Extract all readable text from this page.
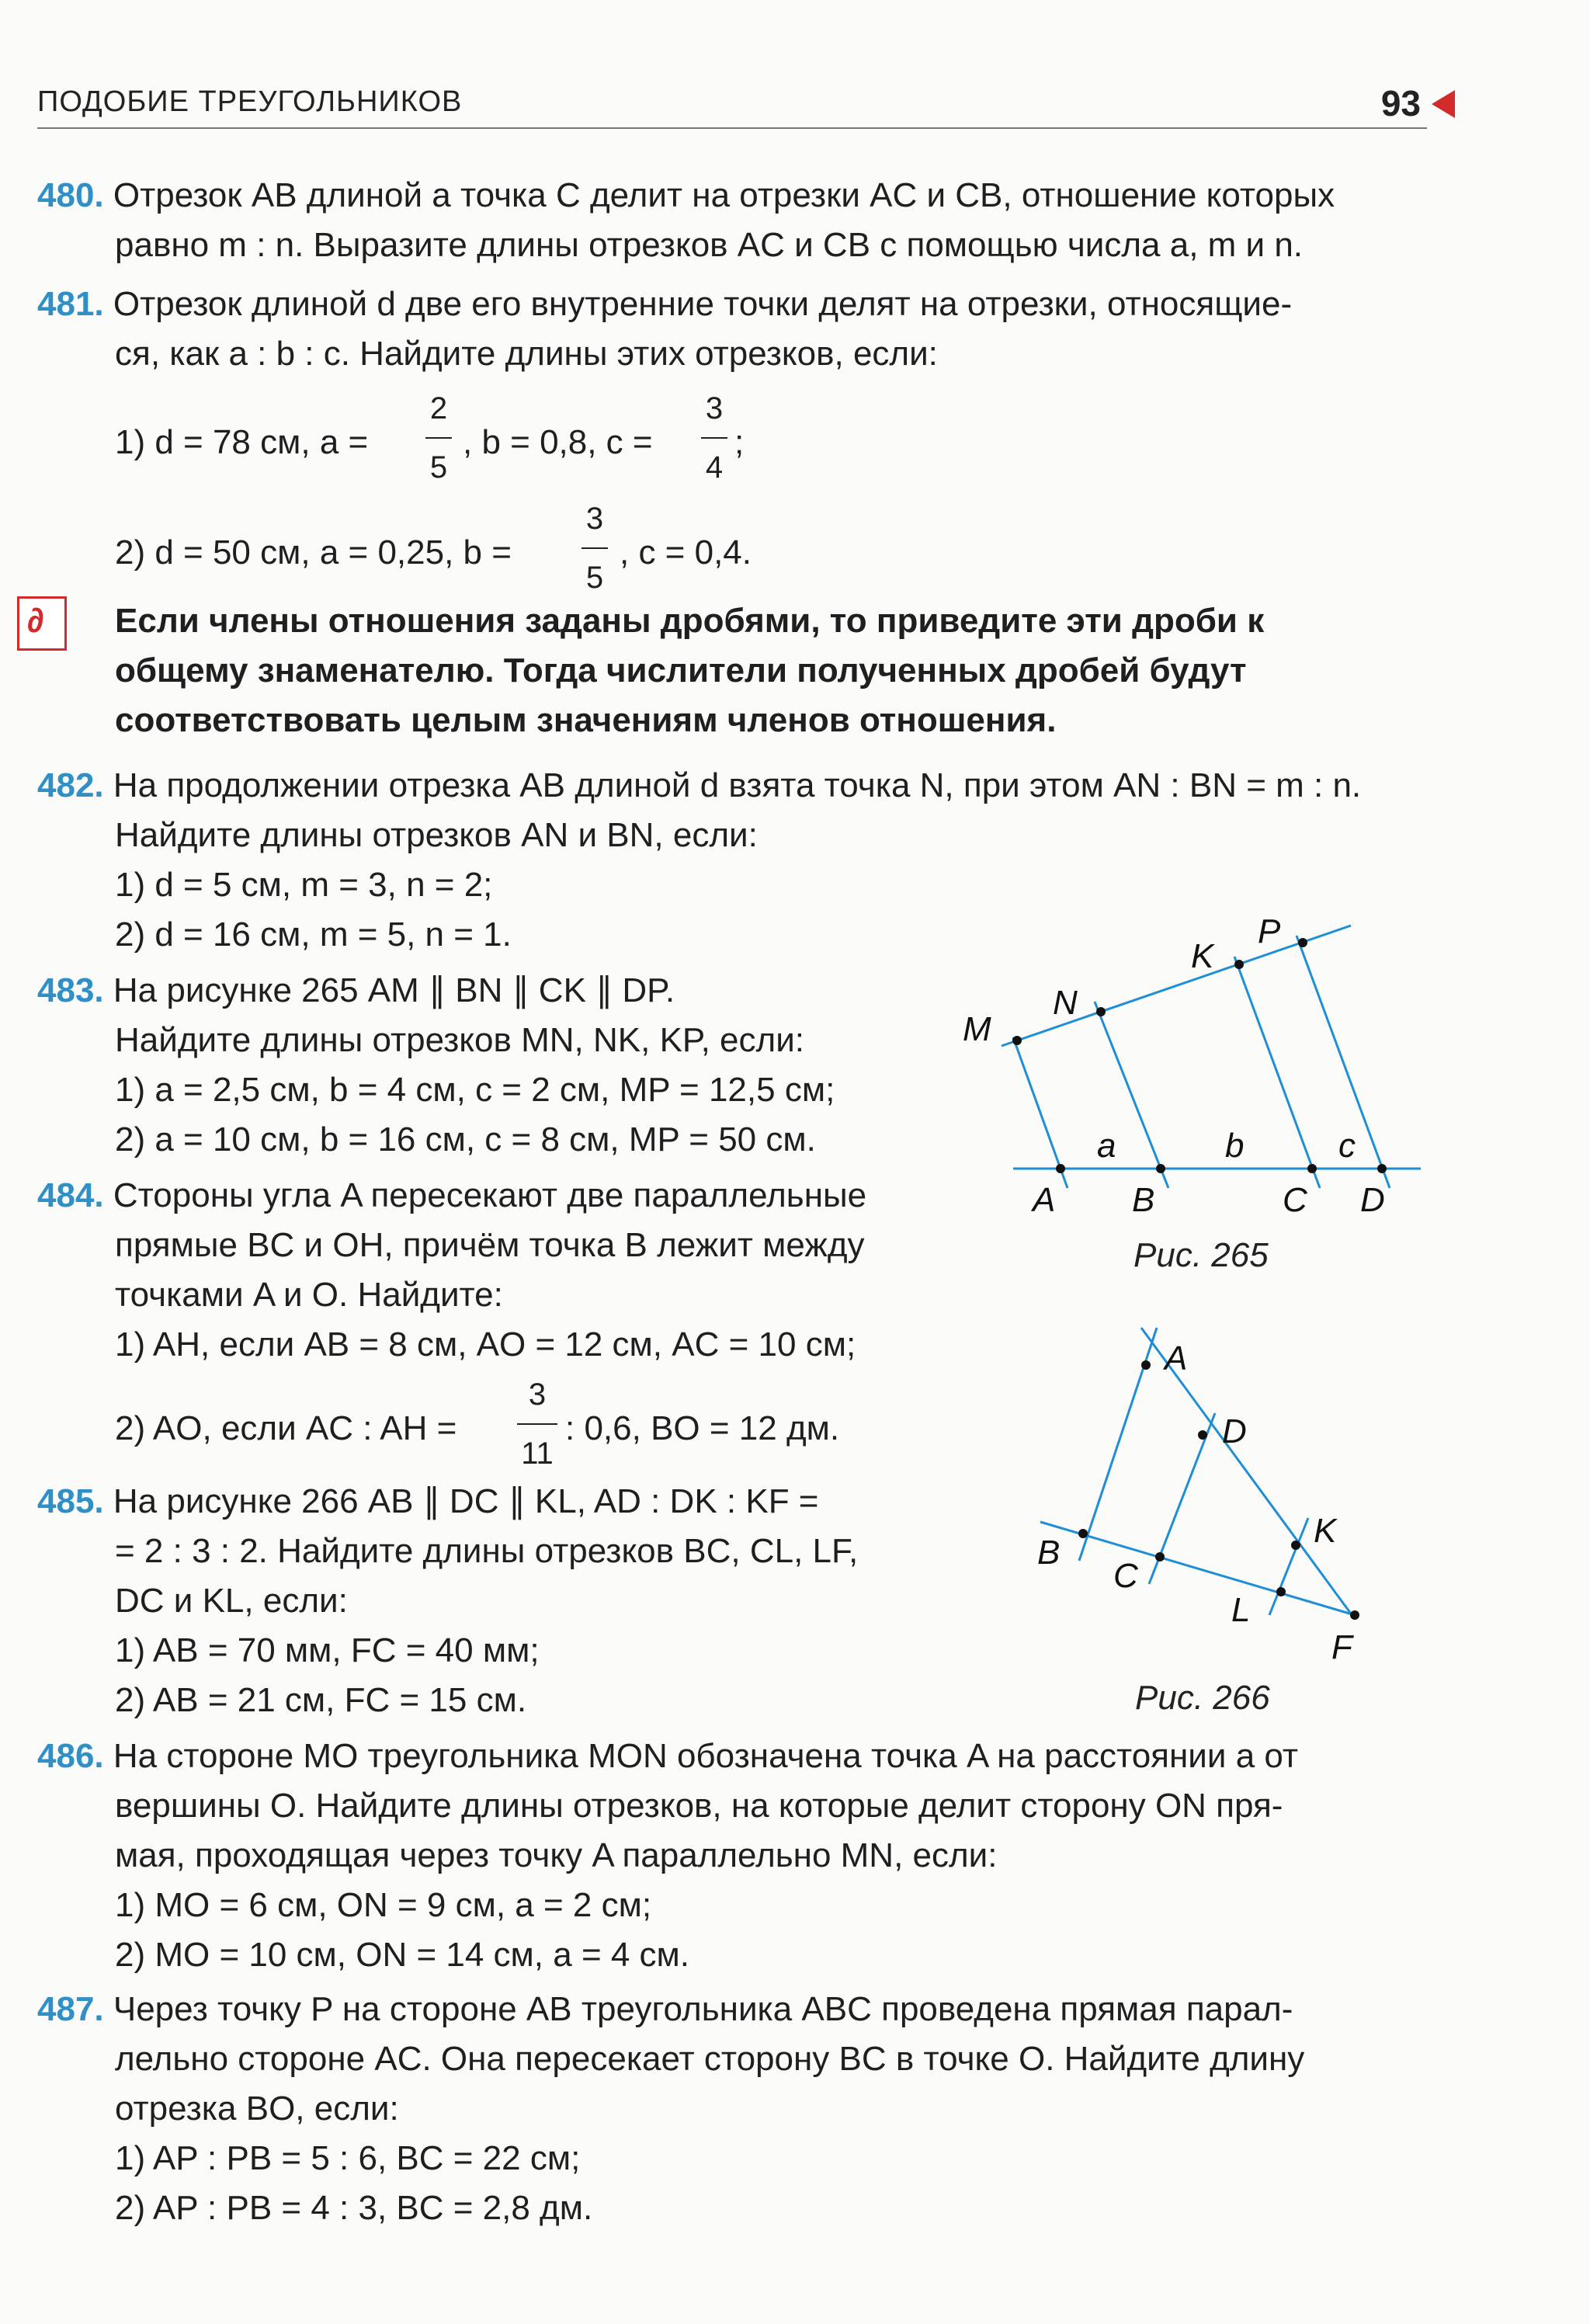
ПОДОБИЕ ТРЕУГОЛЬНИКОВ	93
480. Отрезок AB длиной a точка C делит на отрезки AC и CB, отношение которых
равно m : n. Выразите длины отрезков AC и CB с помощью числа a, m и n.
481. Отрезок длиной d две его внутренние точки делят на отрезки, относящие-
ся, как a : b : c. Найдите длины этих отрезков, если:
1) d = 78 см, a =
2
5
, b = 0,8, c =
3
4
;
2) d = 50 см, a = 0,25, b =
3
5
, c = 0,4.
∂ Если члены отношения заданы дробями, то приведите эти дроби к
общему знаменателю. Тогда числители полученных дробей будут
соответствовать целым значениям членов отношения.
482. На продолжении отрезка AB длиной d взята точка N, при этом AN : BN = m : n.
Найдите длины отрезков AN и BN, если:
1) d = 5 см, m = 3, n = 2;
2) d = 16 см, m = 5, n = 1.
483. На рисунке 265 AM ∥ BN ∥ CK ∥ DP.
Найдите длины отрезков MN, NK, KP, если:
1) a = 2,5 см, b = 4 см, c = 2 см, MP = 12,5 см;
2) a = 10 см, b = 16 см, c = 8 см, MP = 50 см.
484. Стороны угла A пересекают две параллельные
прямые BC и OH, причём точка B лежит между
точками A и O. Найдите:
1) AH, если AB = 8 см, AO = 12 см, AC = 10 см;
2) AO, если AC : AH =
3
11
: 0,6, BO = 12 дм.
485. На рисунке 266 AB ∥ DC ∥ KL, AD : DK : KF =
= 2 : 3 : 2. Найдите длины отрезков BC, CL, LF,
DC и KL, если:
1) AB = 70 мм, FC = 40 мм;
2) AB = 21 см, FC = 15 см.
486. На стороне MO треугольника MON обозначена точка A на расстоянии a от
вершины O. Найдите длины отрезков, на которые делит сторону ON пря-
мая, проходящая через точку A параллельно MN, если:
1) MO = 6 см, ON = 9 см, a = 2 см;
2) MO = 10 см, ON = 14 см, a = 4 см.
487. Через точку P на стороне AB треугольника ABC проведена прямая парал-
лельно стороне AC. Она пересекает сторону BC в точке O. Найдите длину
отрезка BO, если:
1) AP : PB = 5 : 6, BC = 22 см;
2) AP : PB = 4 : 3, BC = 2,8 дм.
M
N
K
P
A B	C D
a	b	c
Рис. 265
A
D
K
B
C
L
F
Рис. 266
